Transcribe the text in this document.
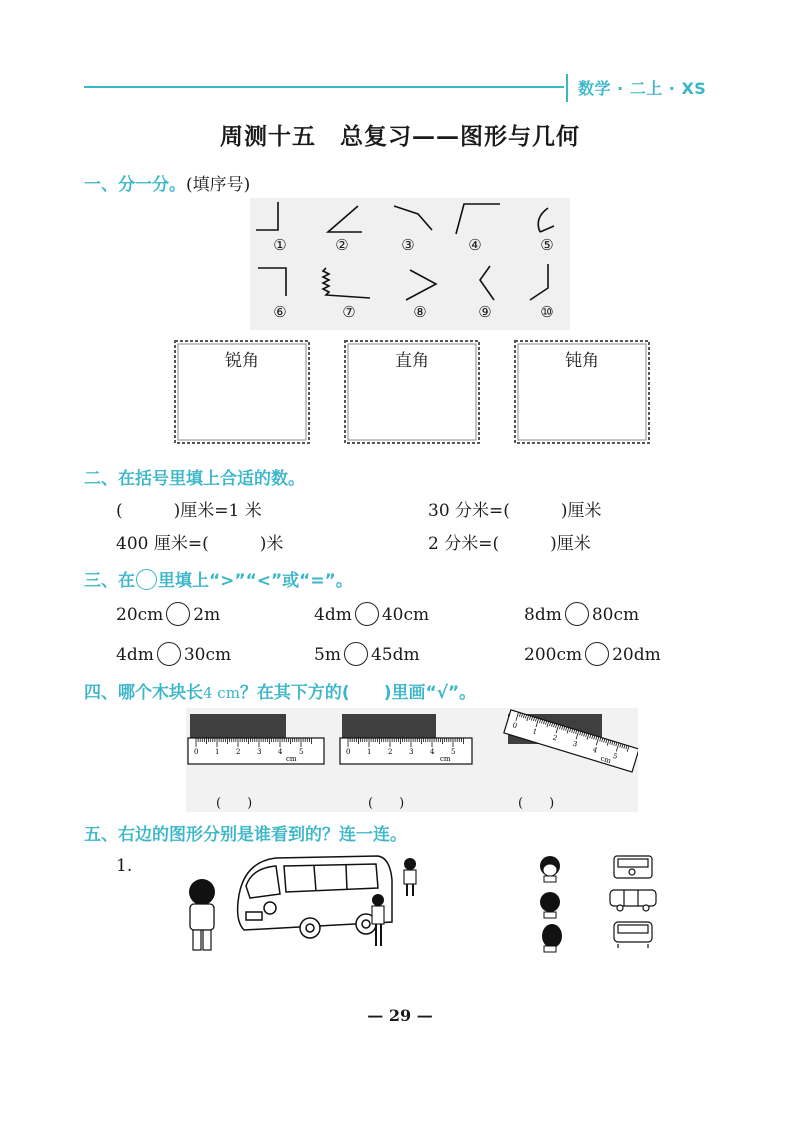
数学 · 二上 · XS
周测十五　总复习——图形与几何
一、分一分。(填序号)
①	②	③	④	⑤
⑥	⑦	⑧	⑨	⑩
锐角	直角	钝角
二、在括号里填上合适的数。
(　　　)厘米=1 米	30 分米=(　　　)厘米
400 厘米=(　　　)米	2 分米=(　　　)厘米
三、在 里填上“>”“<”或“=”。
20cm 2m	4dm 40cm	8dm 80cm
4dm 30cm	5m 45dm	200cm 20dm
四、哪个木块长4 cm？在其下方的(　　)里画“√”。
0 1 2 3 4 5
cm
0 1 2 3 4 5
cm
0
1
2
3
4
5
cm
(　　)	(　　)	(　　)
五、右边的图形分别是谁看到的？连一连。
1.
— 29 —
